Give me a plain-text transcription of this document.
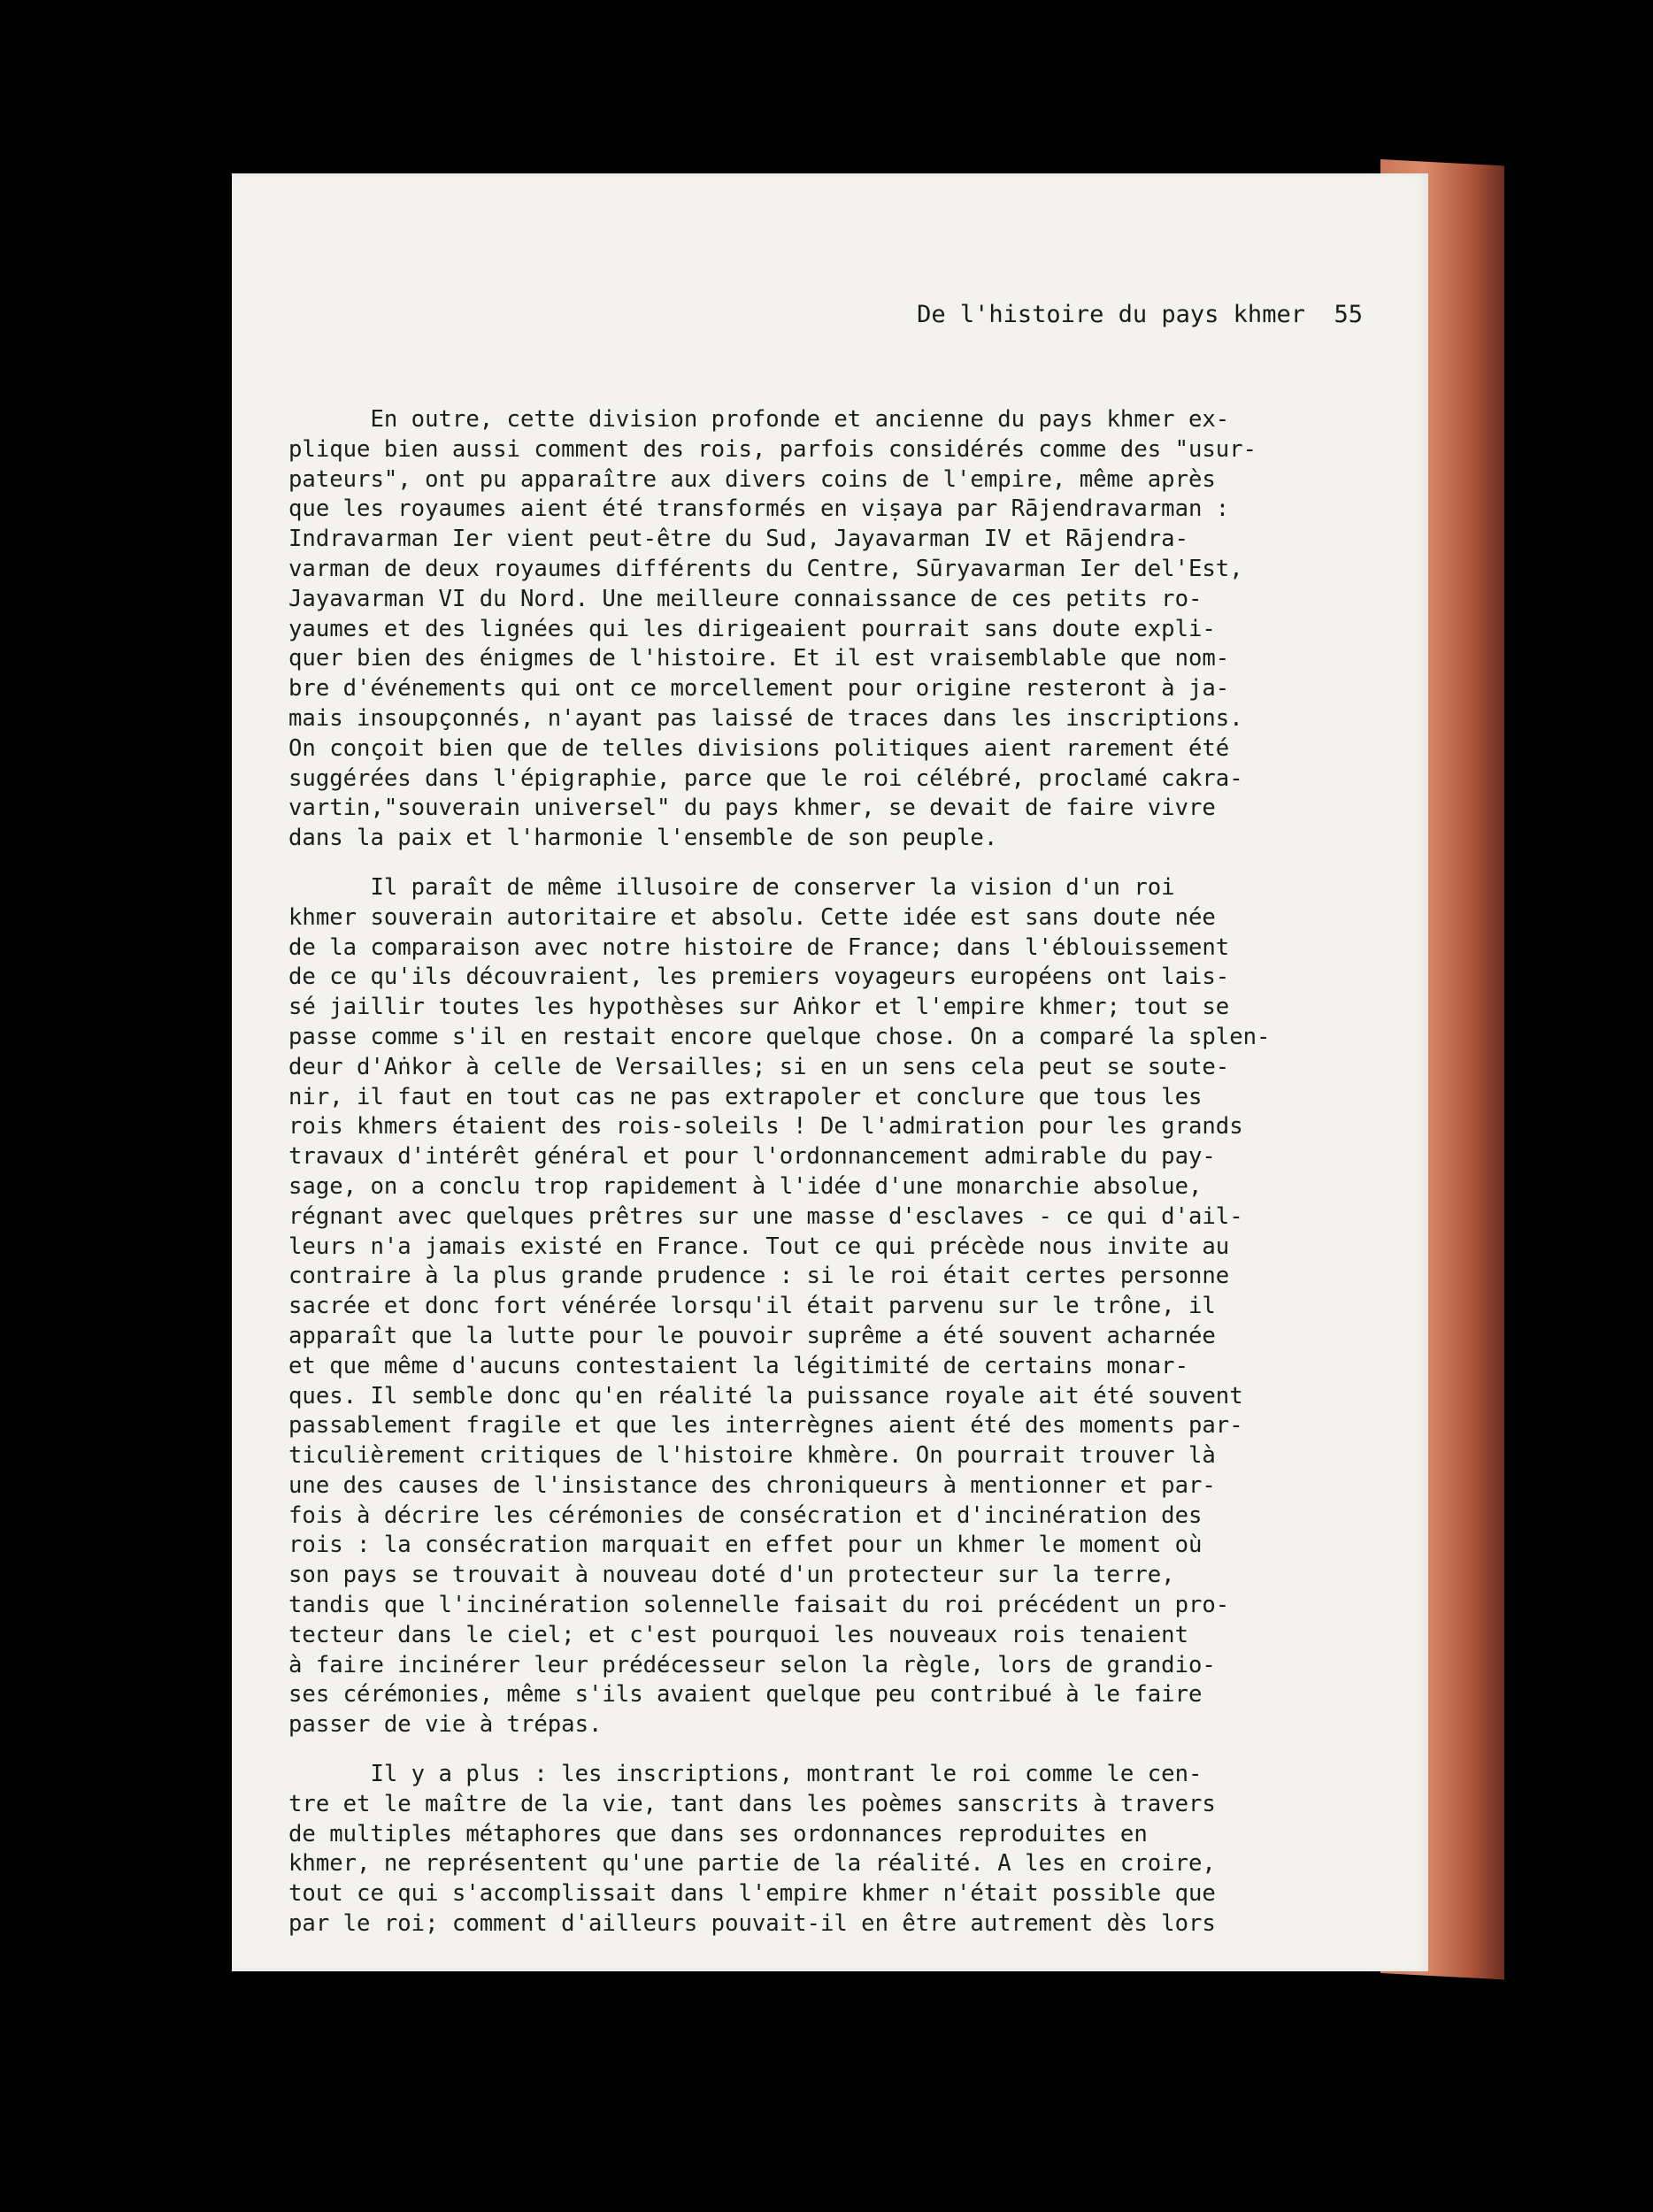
De l'histoire du pays khmer 55
En outre, cette division profonde et ancienne du pays khmer ex-
plique bien aussi comment des rois, parfois considérés comme des "usur-
pateurs", ont pu apparaître aux divers coins de l'empire, même après
que les royaumes aient été transformés en viṣaya par Rājendravarman :
Indravarman Ier vient peut-être du Sud, Jayavarman IV et Rājendra-
varman de deux royaumes différents du Centre, Sūryavarman Ier del'Est,
Jayavarman VI du Nord. Une meilleure connaissance de ces petits ro-
yaumes et des lignées qui les dirigeaient pourrait sans doute expli-
quer bien des énigmes de l'histoire. Et il est vraisemblable que nom-
bre d'événements qui ont ce morcellement pour origine resteront à ja-
mais insoupçonnés, n'ayant pas laissé de traces dans les inscriptions.
On conçoit bien que de telles divisions politiques aient rarement été
suggérées dans l'épigraphie, parce que le roi célébré, proclamé cakra-
vartin,"souverain universel" du pays khmer, se devait de faire vivre
dans la paix et l'harmonie l'ensemble de son peuple.
Il paraît de même illusoire de conserver la vision d'un roi
khmer souverain autoritaire et absolu. Cette idée est sans doute née
de la comparaison avec notre histoire de France; dans l'éblouissement
de ce qu'ils découvraient, les premiers voyageurs européens ont lais-
sé jaillir toutes les hypothèses sur Aṅkor et l'empire khmer; tout se
passe comme s'il en restait encore quelque chose. On a comparé la splen-
deur d'Aṅkor à celle de Versailles; si en un sens cela peut se soute-
nir, il faut en tout cas ne pas extrapoler et conclure que tous les
rois khmers étaient des rois-soleils ! De l'admiration pour les grands
travaux d'intérêt général et pour l'ordonnancement admirable du pay-
sage, on a conclu trop rapidement à l'idée d'une monarchie absolue,
régnant avec quelques prêtres sur une masse d'esclaves - ce qui d'ail-
leurs n'a jamais existé en France. Tout ce qui précède nous invite au
contraire à la plus grande prudence : si le roi était certes personne
sacrée et donc fort vénérée lorsqu'il était parvenu sur le trône, il
apparaît que la lutte pour le pouvoir suprême a été souvent acharnée
et que même d'aucuns contestaient la légitimité de certains monar-
ques. Il semble donc qu'en réalité la puissance royale ait été souvent
passablement fragile et que les interrègnes aient été des moments par-
ticulièrement critiques de l'histoire khmère. On pourrait trouver là
une des causes de l'insistance des chroniqueurs à mentionner et par-
fois à décrire les cérémonies de consécration et d'incinération des
rois : la consécration marquait en effet pour un khmer le moment où
son pays se trouvait à nouveau doté d'un protecteur sur la terre,
tandis que l'incinération solennelle faisait du roi précédent un pro-
tecteur dans le ciel; et c'est pourquoi les nouveaux rois tenaient
à faire incinérer leur prédécesseur selon la règle, lors de grandio-
ses cérémonies, même s'ils avaient quelque peu contribué à le faire
passer de vie à trépas.
Il y a plus : les inscriptions, montrant le roi comme le cen-
tre et le maître de la vie, tant dans les poèmes sanscrits à travers
de multiples métaphores que dans ses ordonnances reproduites en
khmer, ne représentent qu'une partie de la réalité. A les en croire,
tout ce qui s'accomplissait dans l'empire khmer n'était possible que
par le roi; comment d'ailleurs pouvait-il en être autrement dès lors
